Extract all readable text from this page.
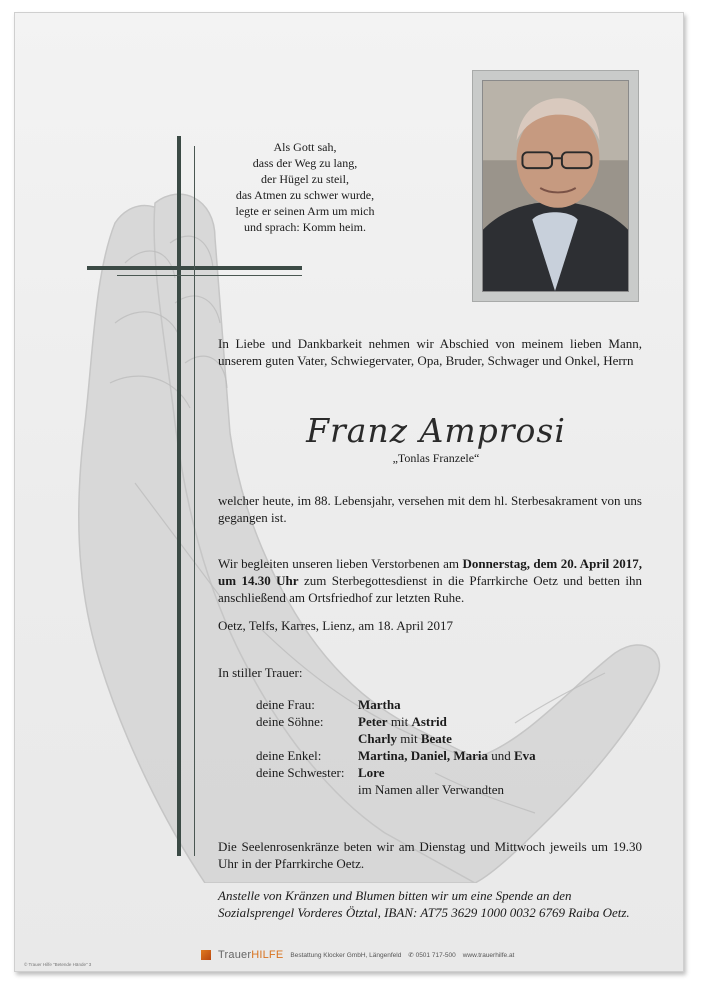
Als Gott sah,
dass der Weg zu lang,
der Hügel zu steil,
das Atmen zu schwer wurde,
legte er seinen Arm um mich
und sprach: Komm heim.
In Liebe und Dankbarkeit nehmen wir Abschied von meinem lieben Mann, unserem guten Vater, Schwiegervater, Opa, Bruder, Schwager und Onkel, Herrn
Franz Amprosi
„Tonlas Franzele“
welcher heute, im 88. Lebensjahr, versehen mit dem hl. Sterbesakrament von uns gegangen ist.
Wir begleiten unseren lieben Verstorbenen am Donnerstag, dem 20. April 2017, um 14.30 Uhr zum Sterbegottesdienst in die Pfarrkirche Oetz und betten ihn anschließend am Ortsfriedhof zur letzten Ruhe.
Oetz, Telfs, Karres, Lienz, am 18. April 2017
In stiller Trauer:
deine Frau:	Martha
deine Söhne:	Peter mit Astrid
Charly mit Beate
deine Enkel:	Martina, Daniel, Maria und Eva
deine Schwester:	Lore
im Namen aller Verwandten
Die Seelenrosenkränze beten wir am Dienstag und Mittwoch jeweils um 19.30 Uhr in der Pfarrkirche Oetz.
Anstelle von Kränzen und Blumen bitten wir um eine Spende an den Sozialsprengel Vorderes Ötztal, IBAN: AT75 3629 1000 0032 6769 Raiba Oetz.
TrauerHILFE Bestattung Klocker GmbH, Längenfeld ✆ 0501 717-500 www.trauerhilfe.at
© Trauer Hilfe "Betende Hände" 3
